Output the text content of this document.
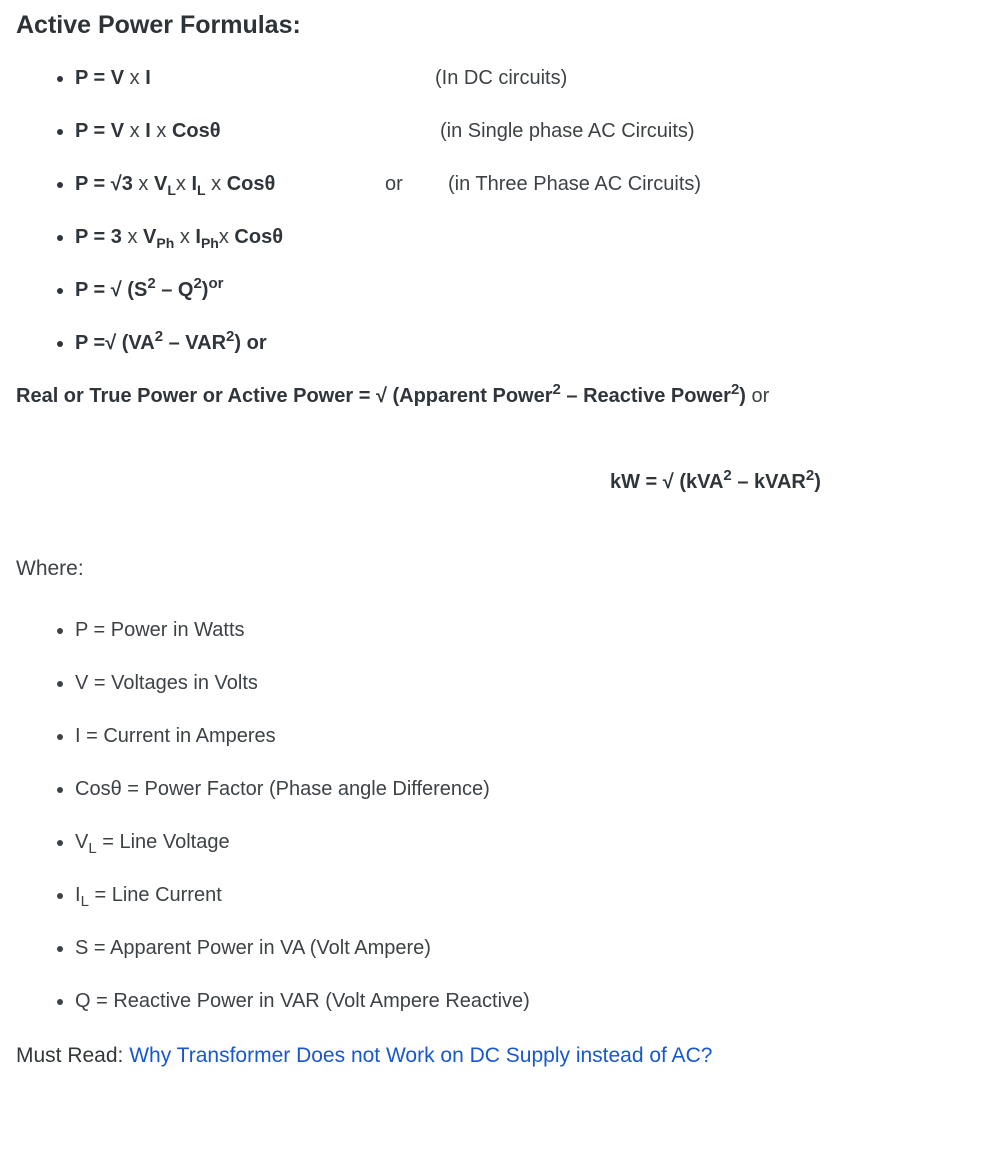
Active Power Formulas:
• P = V x I	(In DC circuits)
• P = V x I x Cosθ	(in Single phase AC Circuits)
• P = √3 x $V_Lx$ $I_L$ x Cosθ	or (in Three Phase AC Circuits)
• P = 3 x $V_{Ph}$ x $I_{Ph}x$ Cosθ
• P = √ $(S^2 - Q^2)^{or}$
• P =√ $(VA^2 - VAR^2)$ or

Real or True Power or Active Power = √ (Apparent Power$^2$ – Reactive Power$^2$) or

kW = √ (kVA$^2$ – kVAR$^2$)

Where:

• P = Power in Watts
• V = Voltages in Volts
• I = Current in Amperes
• Cosθ = Power Factor (Phase angle Difference)
• $V_L$ = Line Voltage
• $I_L$ = Line Current
• S = Apparent Power in VA (Volt Ampere)
• Q = Reactive Power in VAR (Volt Ampere Reactive)

Must Read: Why Transformer Does not Work on DC Supply instead of AC?
